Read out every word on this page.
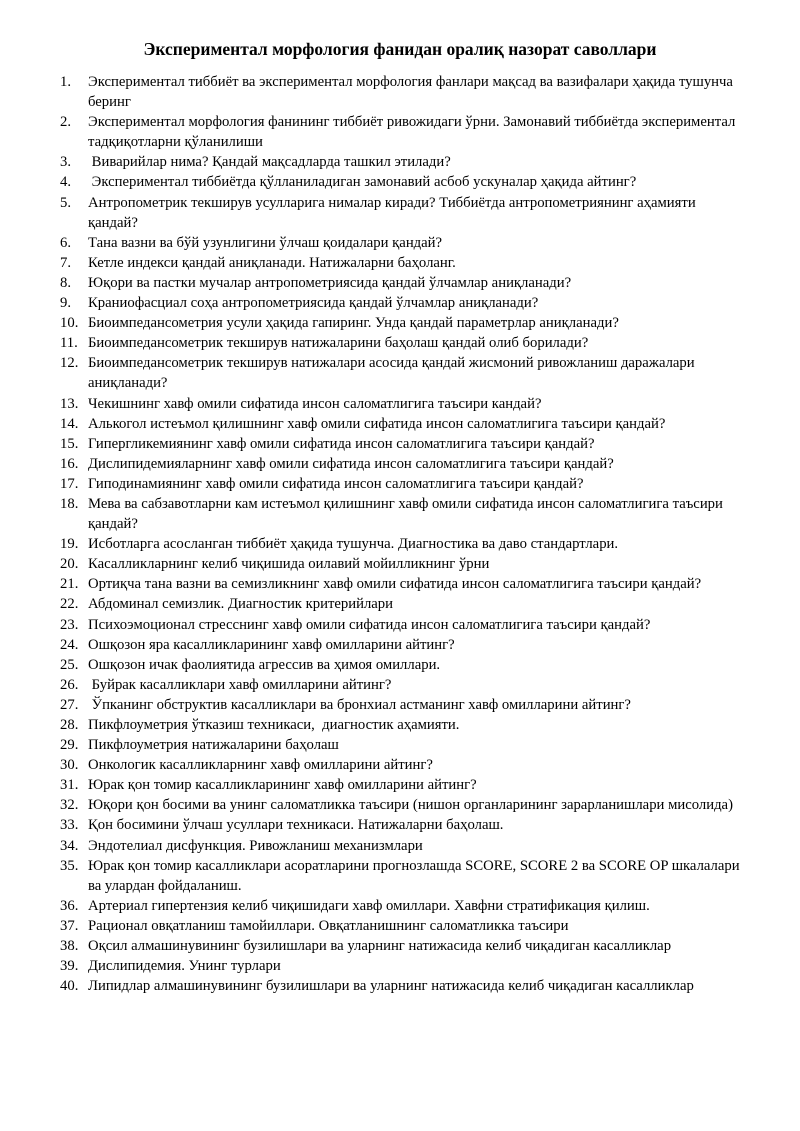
Экспериментал морфология фанидан оралиқ назорат саволлари
1.	Экспериментал тиббиёт ва экспериментал морфология фанлари мақсад ва вазифалари ҳақида тушунча беринг
2.	Экспериментал морфология фанининг тиббиёт ривожидаги ўрни. Замонавий тиббиётда экспериментал тадқиқотларни қўланилиши
3.	Виварийлар нима? Қандай мақсадларда ташкил этилади?
4.	Экспериментал тиббиётда қўлланиладиган замонавий асбоб ускуналар ҳақида айтинг?
5.	Антропометрик текширув усулларига нималар киради? Тиббиётда антропометриянинг аҳамияти қандай?
6.	Тана вазни ва бўй узунлигини ўлчаш қоидалари қандай?
7.	Кетле индекси қандай аниқланади. Натижаларни баҳоланг.
8.	Юқори ва пастки мучалар антропометриясида қандай ўлчамлар аниқланади?
9.	Краниофасциал соҳа антропометриясида қандай ўлчамлар аниқланади?
10. Биоимпедансометрия усули ҳақида гапиринг. Унда қандай параметрлар аниқланади?
11. Биоимпедансометрик текширув натижаларини баҳолаш қандай олиб борилади?
12. Биоимпедансометрик текширув натижалари асосида қандай жисмоний ривожланиш даражалари аниқланади?
13. Чекишнинг хавф омили сифатида инсон саломатлигига таъсири кандай?
14. Алькогол истеъмол қилишнинг хавф омили сифатида инсон саломатлигига таъсири қандай?
15. Гипергликемиянинг хавф омили сифатида инсон саломатлигига таъсири қандай?
16. Дислипидемияларнинг хавф омили сифатида инсон саломатлигига таъсири қандай?
17. Гиподинамиянинг хавф омили сифатида инсон саломатлигига таъсири қандай?
18. Мева ва сабзавотларни кам истеъмол қилишнинг хавф омили сифатида инсон саломатлигига таъсири қандай?
19. Исботларга асосланган тиббиёт ҳақида тушунча. Диагностика ва даво стандартлари.
20. Касалликларнинг келиб чиқишида оилавий мойилликнинг ўрни
21. Ортиқча тана вазни ва семизликнинг хавф омили сифатида инсон саломатлигига таъсири қандай?
22. Абдоминал семизлик. Диагностик критерийлари
23. Психоэмоционал стресснинг хавф омили сифатида инсон саломатлигига таъсири қандай?
24. Ошқозон яра касалликларининг хавф омилларини айтинг?
25. Ошқозон ичак фаолиятида агрессив ва ҳимоя омиллари.
26. Буйрак касалликлари хавф омилларини айтинг?
27. Ўпканинг обструктив касалликлари ва бронхиал астманинг хавф омилларини айтинг?
28. Пикфлоуметрия ўтказиш техникаси,  диагностик аҳамияти.
29. Пикфлоуметрия натижаларини баҳолаш
30. Онкологик касалликларнинг хавф омилларини айтинг?
31. Юрак қон томир касалликларининг хавф омилларини айтинг?
32. Юқори қон босими ва унинг саломатликка таъсири (нишон органларининг зарарланишлари мисолида)
33. Қон босимини ўлчаш усуллари техникаси. Натижаларни баҳолаш.
34. Эндотелиал дисфункция. Ривожланиш механизмлари
35. Юрак қон томир касалликлари асоратларини прогнозлашда SCORE, SCORE 2 ва SCORE OP шкалалари ва улардан фойдаланиш.
36. Артериал гипертензия келиб чиқишидаги хавф омиллари. Хавфни стратификация қилиш.
37. Рационал овқатланиш тамойиллари. Овқатланишнинг саломатликка таъсири
38. Оқсил алмашинувининг бузилишлари ва уларнинг натижасида келиб чиқадиган касалликлар
39. Дислипидемия. Унинг турлари
40. Липидлар алмашинувининг бузилишлари ва уларнинг натижасида келиб чиқадиган касалликлар
